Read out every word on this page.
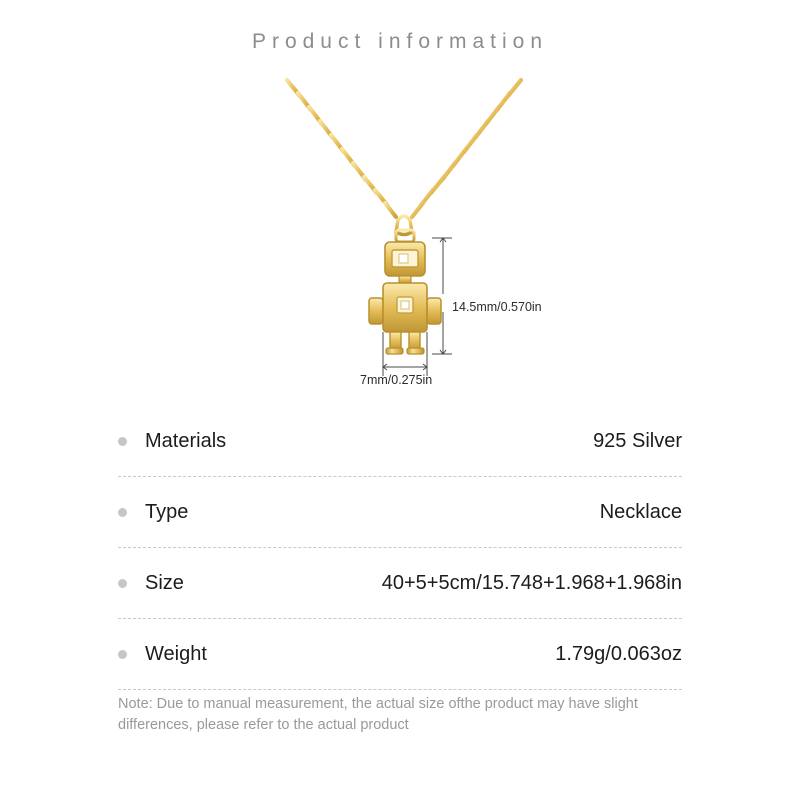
Product information
14.5mm/0.570in
7mm/0.275in
Materials	925 Silver
Type	Necklace
Size	40+5+5cm/15.748+1.968+1.968in
Weight	1.79g/0.063oz
Note: Due to manual measurement, the actual size ofthe product may have slight differences, please refer to the actual product
